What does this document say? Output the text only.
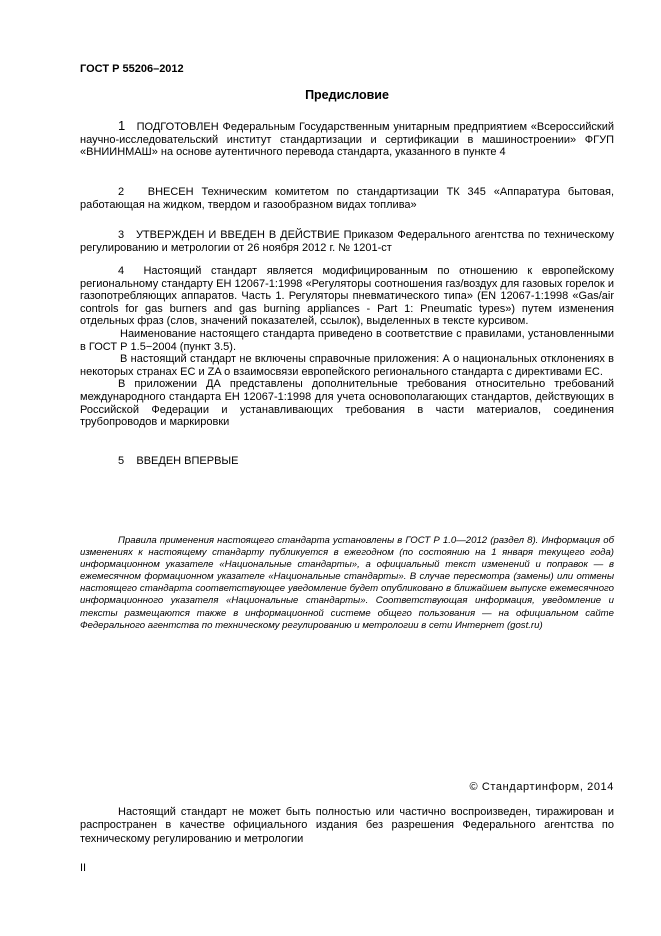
ГОСТ Р 55206–2012
Предисловие

1 ПОДГОТОВЛЕН Федеральным Государственным унитарным предприятием «Всероссийский научно-исследовательский институт стандартизации и сертификации в машиностроении» ФГУП «ВНИИНМАШ» на основе аутентичного перевода стандарта, указанного в пункте 4

2 ВНЕСЕН Техническим комитетом по стандартизации ТК 345 «Аппаратура бытовая, работающая на жидком, твердом и газообразном видах топлива»

3 УТВЕРЖДЕН И ВВЕДЕН В ДЕЙСТВИЕ Приказом Федерального агентства по техническому регулированию и метрологии от 26 ноября 2012 г. № 1201-ст

4 Настоящий стандарт является модифицированным по отношению к европейскому региональному стандарту ЕН 12067-1:1998 «Регуляторы соотношения газ/воздух для газовых горелок и газопотребляющих аппаратов. Часть 1. Регуляторы пневматического типа» (EN 12067-1:1998 «Gas/air controls for gas burners and gas burning appliances - Part 1: Pneumatic types») путем изменения отдельных фраз (слов, значений показателей, ссылок), выделенных в тексте курсивом.

Наименование настоящего стандарта приведено в соответствие с правилами, установленными в ГОСТ Р 1.5−2004 (пункт 3.5).

В настоящий стандарт не включены справочные приложения: А о национальных отклонениях в некоторых странах ЕС и ZA о взаимосвязи европейского регионального стандарта с директивами ЕС.

В приложении ДА представлены дополнительные требования относительно требований международного стандарта ЕН 12067-1:1998 для учета основополагающих стандартов, действующих в Российской Федерации и устанавливающих требования в части материалов, соединения трубопроводов и маркировки

5 ВВЕДЕН ВПЕРВЫЕ

Правила применения настоящего стандарта установлены в ГОСТ Р 1.0—2012 (раздел 8). Информация об изменениях к настоящему стандарту публикуется в ежегодном (по состоянию на 1 января текущего года) информационном указателе «Национальные стандарты», а официальный текст изменений и поправок — в ежемесячном формационном указателе «Национальные стандарты». В случае пересмотра (замены) или отмены настоящего стандарта соответствующее уведомление будет опубликовано в ближайшем выпуске ежемесячного информационного указателя «Национальные стандарты». Соответствующая информация, уведомление и тексты размещаются также в информационной системе общего пользования — на официальном сайте Федерального агентства по техническому регулированию и метрологии в сети Интернет (gost.ru)
© Стандартинформ, 2014
Настоящий стандарт не может быть полностью или частично воспроизведен, тиражирован и распространен в качестве официального издания без разрешения Федерального агентства по техническому регулированию и метрологии
II
